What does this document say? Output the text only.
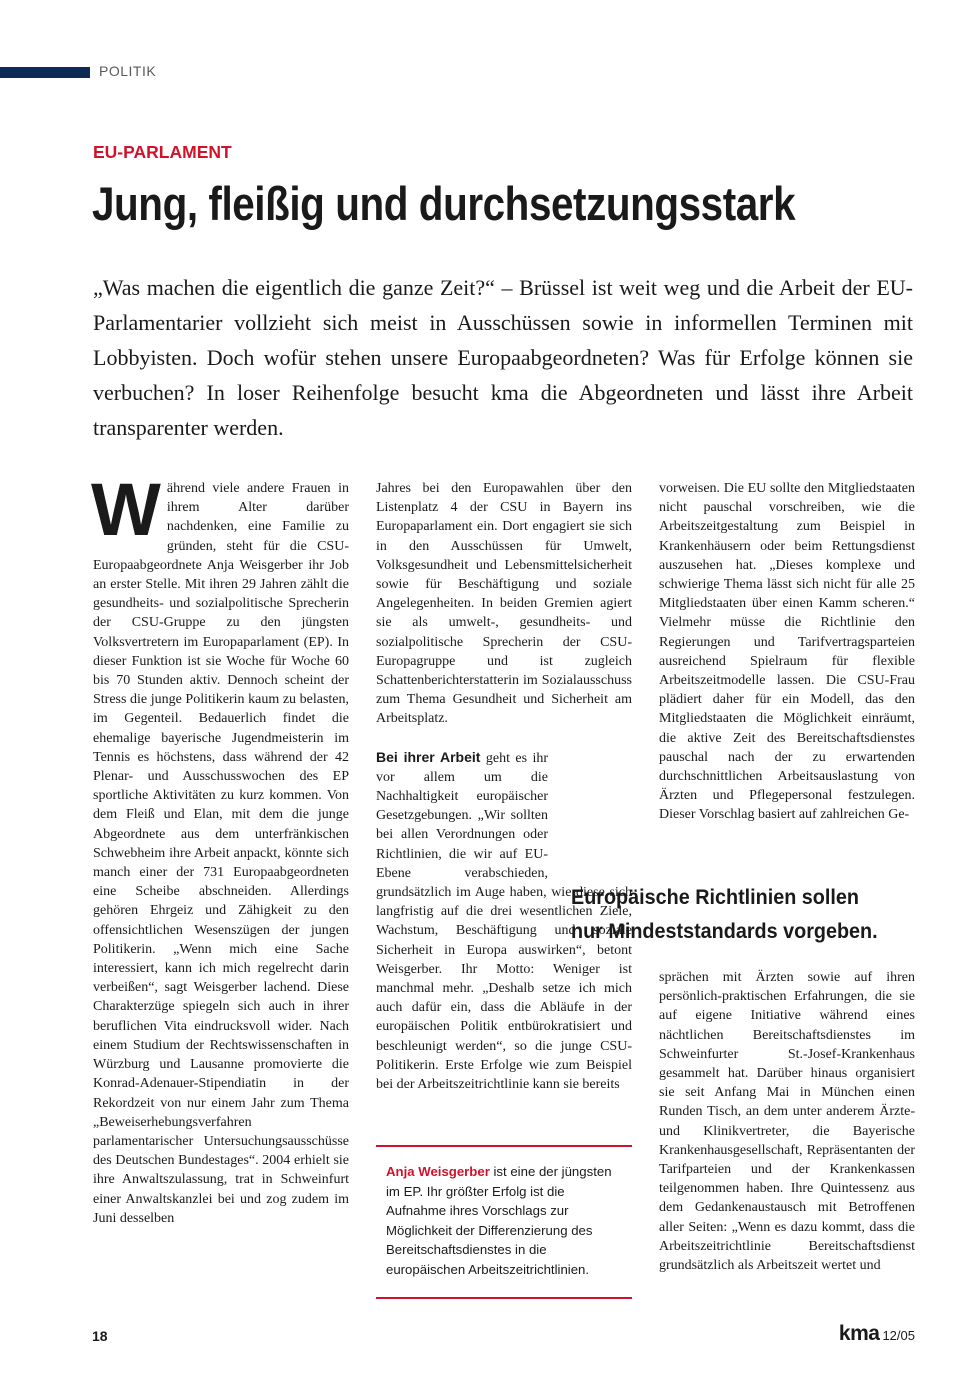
POLITIK
EU-PARLAMENT
Jung, fleißig und durchsetzungsstark

„Was machen die eigentlich die ganze Zeit?“ – Brüssel ist weit weg und die Arbeit der EU-Parlamentarier vollzieht sich meist in Ausschüssen sowie in informellen Terminen mit Lobbyisten. Doch wofür stehen unsere Europaabgeordneten? Was für Erfolge können sie verbuchen? In loser Reihenfolge besucht kma die Abgeordneten und lässt ihre Arbeit transparenter werden.

Während viele andere Frauen in ihrem Alter darüber nachdenken, eine Familie zu gründen, steht für die CSU-Europaabgeordnete Anja Weisgerber ihr Job an erster Stelle. Mit ihren 29 Jahren zählt die gesundheits- und sozialpolitische Sprecherin der CSU-Gruppe zu den jüngsten Volksvertretern im Europaparlament (EP). In dieser Funktion ist sie Woche für Woche 60 bis 70 Stunden aktiv. Dennoch scheint der Stress die junge Politikerin kaum zu belasten, im Gegenteil. Bedauerlich findet die ehemalige bayerische Jugendmeisterin im Tennis es höchstens, dass während der 42 Plenar- und Ausschusswochen des EP sportliche Aktivitäten zu kurz kommen. Von dem Fleiß und Elan, mit dem die junge Abgeordnete aus dem unterfränkischen Schwebheim ihre Arbeit anpackt, könnte sich manch einer der 731 Europaabgeordneten eine Scheibe abschneiden. Allerdings gehören Ehrgeiz und Zähigkeit zu den offensichtlichen Wesenszügen der jungen Politikerin. „Wenn mich eine Sache interessiert, kann ich mich regelrecht darin verbeißen“, sagt Weisgerber lachend. Diese Charakterzüge spiegeln sich auch in ihrer beruflichen Vita eindrucksvoll wider. Nach einem Studium der Rechtswissenschaften in Würzburg und Lausanne promovierte die Konrad-Adenauer-Stipendiatin in der Rekordzeit von nur einem Jahr zum Thema „Beweiserhebungsverfahren parlamentarischer Untersuchungsausschüsse des Deutschen Bundestages“. 2004 erhielt sie ihre Anwaltszulassung, trat in Schweinfurt einer Anwaltskanzlei bei und zog zudem im Juni desselben

Jahres bei den Europawahlen über den Listenplatz 4 der CSU in Bayern ins Europaparlament ein. Dort engagiert sie sich in den Ausschüssen für Umwelt, Volksgesundheit und Lebensmittelsicherheit sowie für Beschäftigung und soziale Angelegenheiten. In beiden Gremien agiert sie als umwelt-, gesundheits- und sozialpolitische Sprecherin der CSU-Europagruppe und ist zugleich Schattenberichterstatterin im Sozialausschuss zum Thema Gesundheit und Sicherheit am Arbeitsplatz.

Bei ihrer Arbeit geht es ihr vor allem um die Nachhaltigkeit europäischer Gesetzgebungen. „Wir sollten bei allen Verordnungen oder Richtlinien, die wir auf EU-Ebene verabschieden, grundsätzlich im Auge haben, wie diese sich langfristig auf die drei wesentlichen Ziele, Wachstum, Beschäftigung und soziale Sicherheit in Europa auswirken“, betont Weisgerber. Ihr Motto: Weniger ist manchmal mehr. „Deshalb setze ich mich auch dafür ein, dass die Abläufe in der europäischen Politik entbürokratisiert und beschleunigt werden“, so die junge CSU-Politikerin. Erste Erfolge wie zum Beispiel bei der Arbeitszeitrichtlinie kann sie bereits

vorweisen. Die EU sollte den Mitgliedstaaten nicht pauschal vorschreiben, wie die Arbeitszeitgestaltung zum Beispiel in Krankenhäusern oder beim Rettungsdienst auszusehen hat. „Dieses komplexe und schwierige Thema lässt sich nicht für alle 25 Mitgliedstaaten über einen Kamm scheren.“ Vielmehr müsse die Richtlinie den Regierungen und Tarifvertragsparteien ausreichend Spielraum für flexible Arbeitszeitmodelle lassen. Die CSU-Frau plädiert daher für ein Modell, das den Mitgliedstaaten die Möglichkeit einräumt, die aktive Zeit des Bereitschaftsdienstes pauschal nach der zu erwartenden durchschnittlichen Arbeitsauslastung von Ärzten und Pflegepersonal festzulegen. Dieser Vorschlag basiert auf zahlreichen Ge-

Europäische Richtlinien sollen nur Mindeststandards vorgeben.

sprächen mit Ärzten sowie auf ihren persönlich-praktischen Erfahrungen, die sie auf eigene Initiative während eines nächtlichen Bereitschaftsdienstes im Schweinfurter St.-Josef-Krankenhaus gesammelt hat. Darüber hinaus organisiert sie seit Anfang Mai in München einen Runden Tisch, an dem unter anderem Ärzte- und Klinikvertreter, die Bayerische Krankenhausgesellschaft, Repräsentanten der Tarifparteien und der Krankenkassen teilgenommen haben. Ihre Quintessenz aus dem Gedankenaustausch mit Betroffenen aller Seiten: „Wenn es dazu kommt, dass die Arbeitszeitrichtlinie Bereitschaftsdienst grundsätzlich als Arbeitszeit wertet und

Anja Weisgerber ist eine der jüngsten im EP. Ihr größter Erfolg ist die Aufnahme ihres Vorschlags zur Möglichkeit der Differenzierung des Bereitschaftsdienstes in die europäischen Arbeitszeitrichtlinien.

18	kma 12/05
